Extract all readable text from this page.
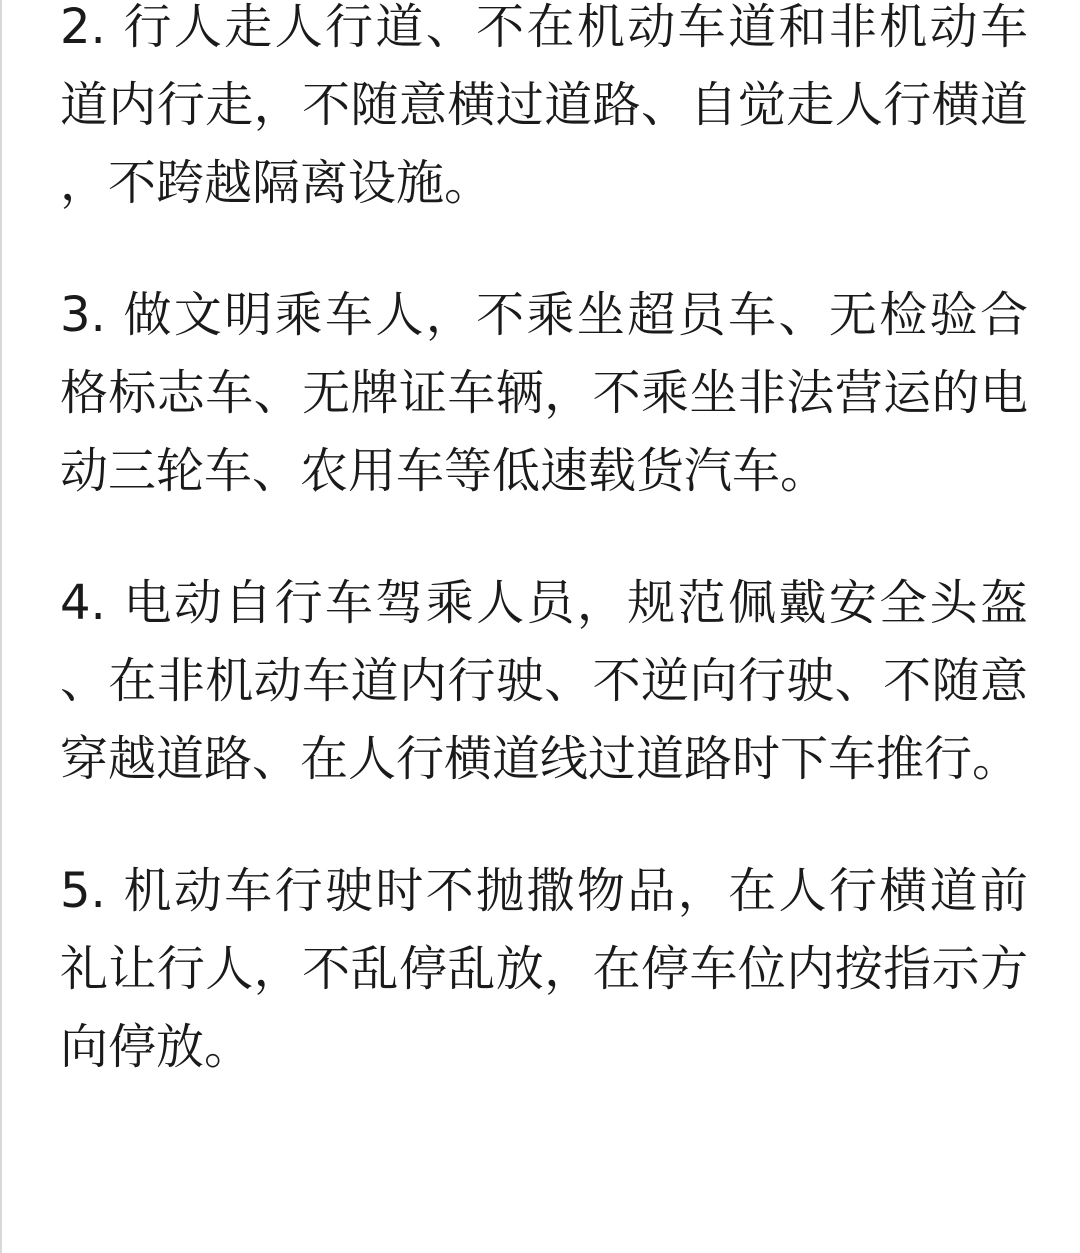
2. 行人走人行道、不在机动车道和非机动车道内行走，不随意横过道路、自觉走人行横道，不跨越隔离设施。

3. 做文明乘车人，不乘坐超员车、无检验合格标志车、无牌证车辆，不乘坐非法营运的电动三轮车、农用车等低速载货汽车。

4. 电动自行车驾乘人员，规范佩戴安全头盔、在非机动车道内行驶、不逆向行驶、不随意穿越道路、在人行横道线过道路时下车推行。

5. 机动车行驶时不抛撒物品，在人行横道前礼让行人，不乱停乱放，在停车位内按指示方向停放。
